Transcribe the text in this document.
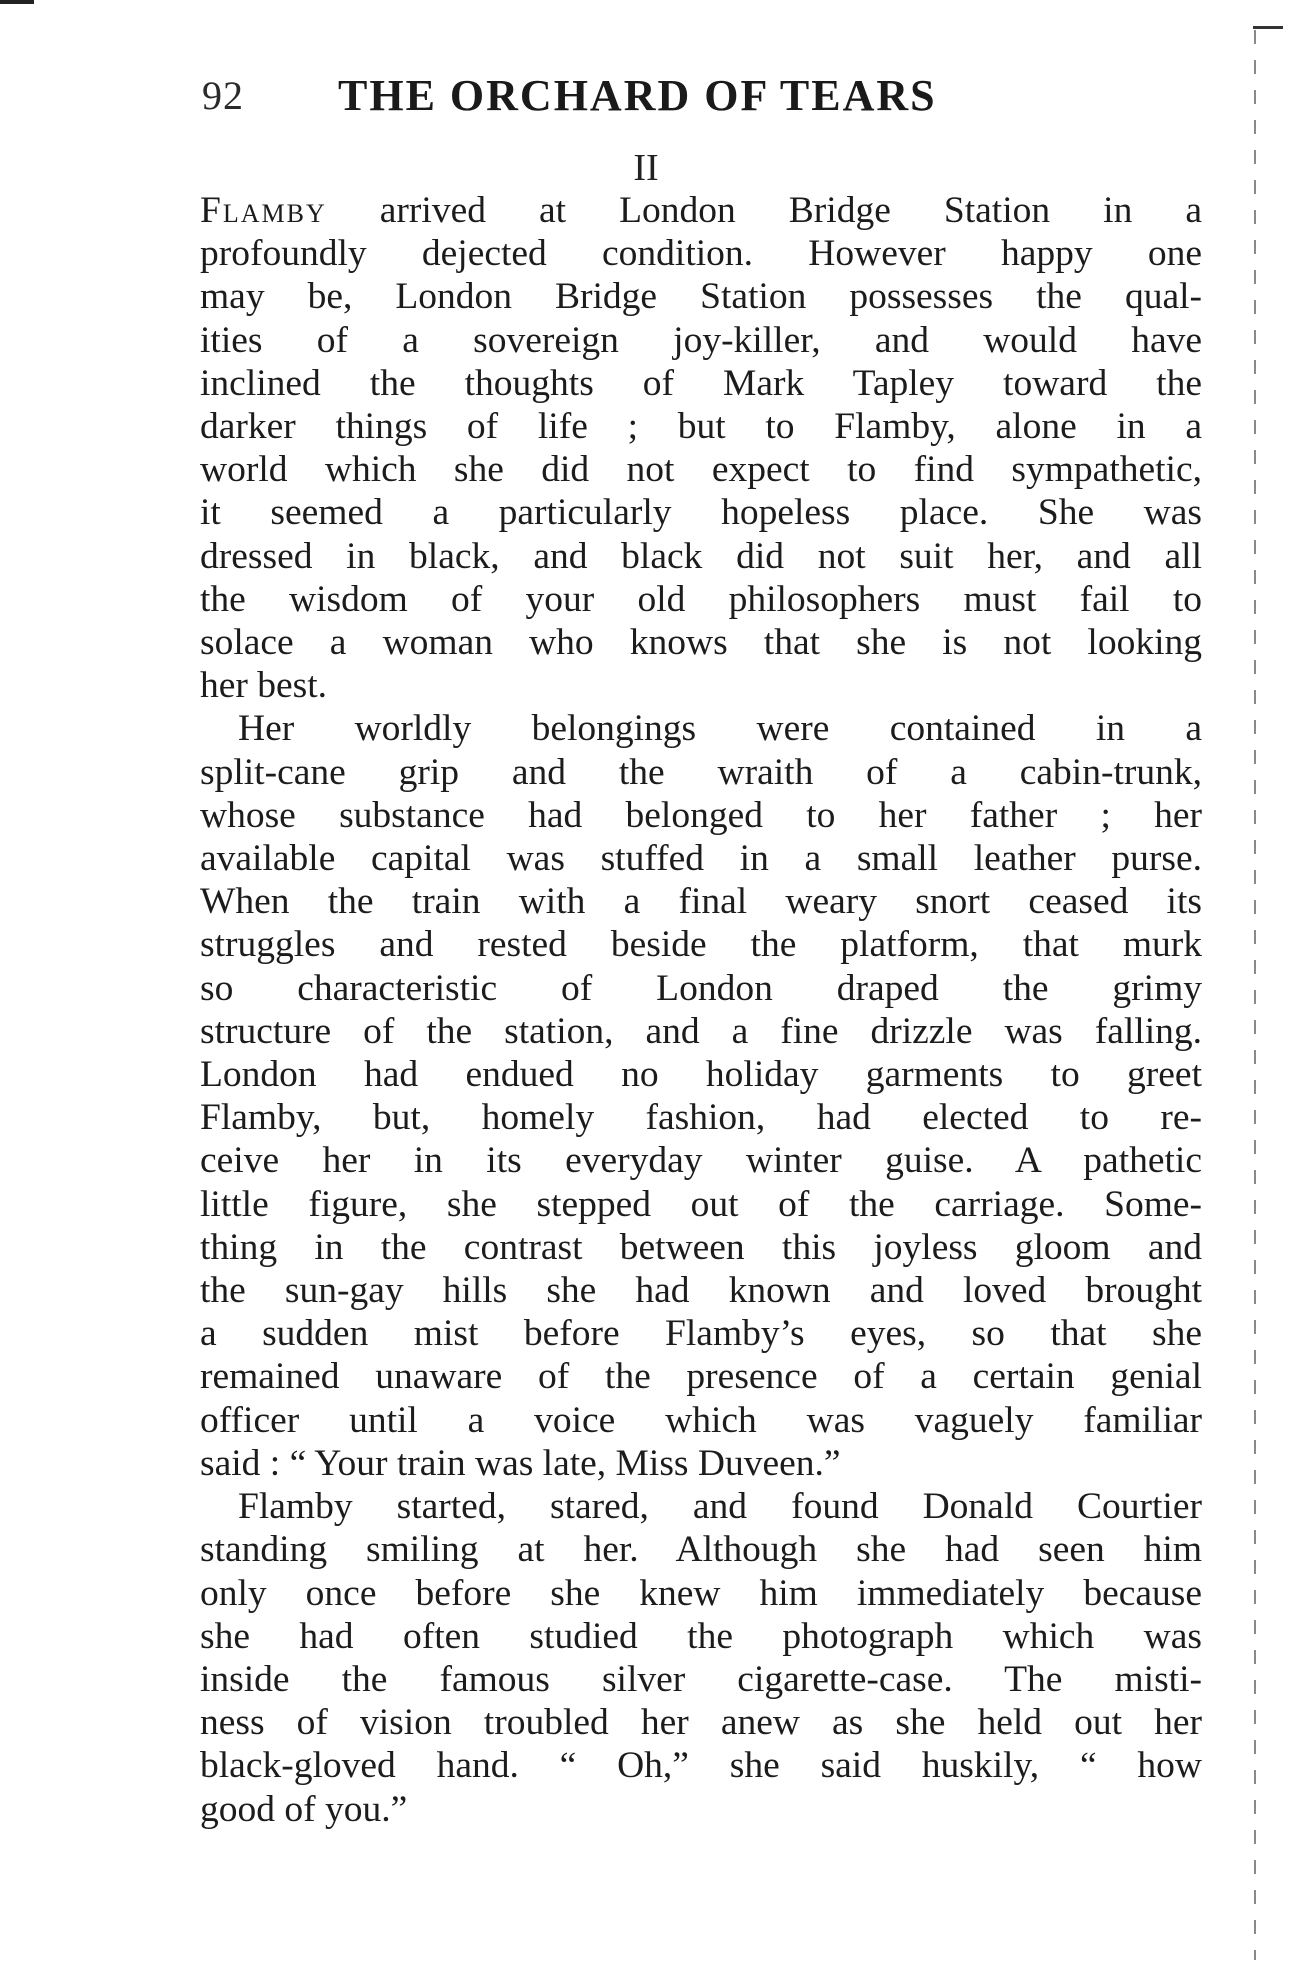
92 THE ORCHARD OF TEARS
II
Flamby arrived at London Bridge Station in a
profoundly dejected condition. However happy one
may be, London Bridge Station possesses the qual-
ities of a sovereign joy-killer, and would have
inclined the thoughts of Mark Tapley toward the
darker things of life ; but to Flamby, alone in a
world which she did not expect to find sympathetic,
it seemed a particularly hopeless place. She was
dressed in black, and black did not suit her, and all
the wisdom of your old philosophers must fail to
solace a woman who knows that she is not looking
her best.
Her worldly belongings were contained in a
split-cane grip and the wraith of a cabin-trunk,
whose substance had belonged to her father ; her
available capital was stuffed in a small leather purse.
When the train with a final weary snort ceased its
struggles and rested beside the platform, that murk
so characteristic of London draped the grimy
structure of the station, and a fine drizzle was falling.
London had endued no holiday garments to greet
Flamby, but, homely fashion, had elected to re-
ceive her in its everyday winter guise. A pathetic
little figure, she stepped out of the carriage. Some-
thing in the contrast between this joyless gloom and
the sun-gay hills she had known and loved brought
a sudden mist before Flamby’s eyes, so that she
remained unaware of the presence of a certain genial
officer until a voice which was vaguely familiar
said : “ Your train was late, Miss Duveen.”
Flamby started, stared, and found Donald Courtier
standing smiling at her. Although she had seen him
only once before she knew him immediately because
she had often studied the photograph which was
inside the famous silver cigarette-case. The misti-
ness of vision troubled her anew as she held out her
black-gloved hand. “ Oh,” she said huskily, “ how
good of you.”
